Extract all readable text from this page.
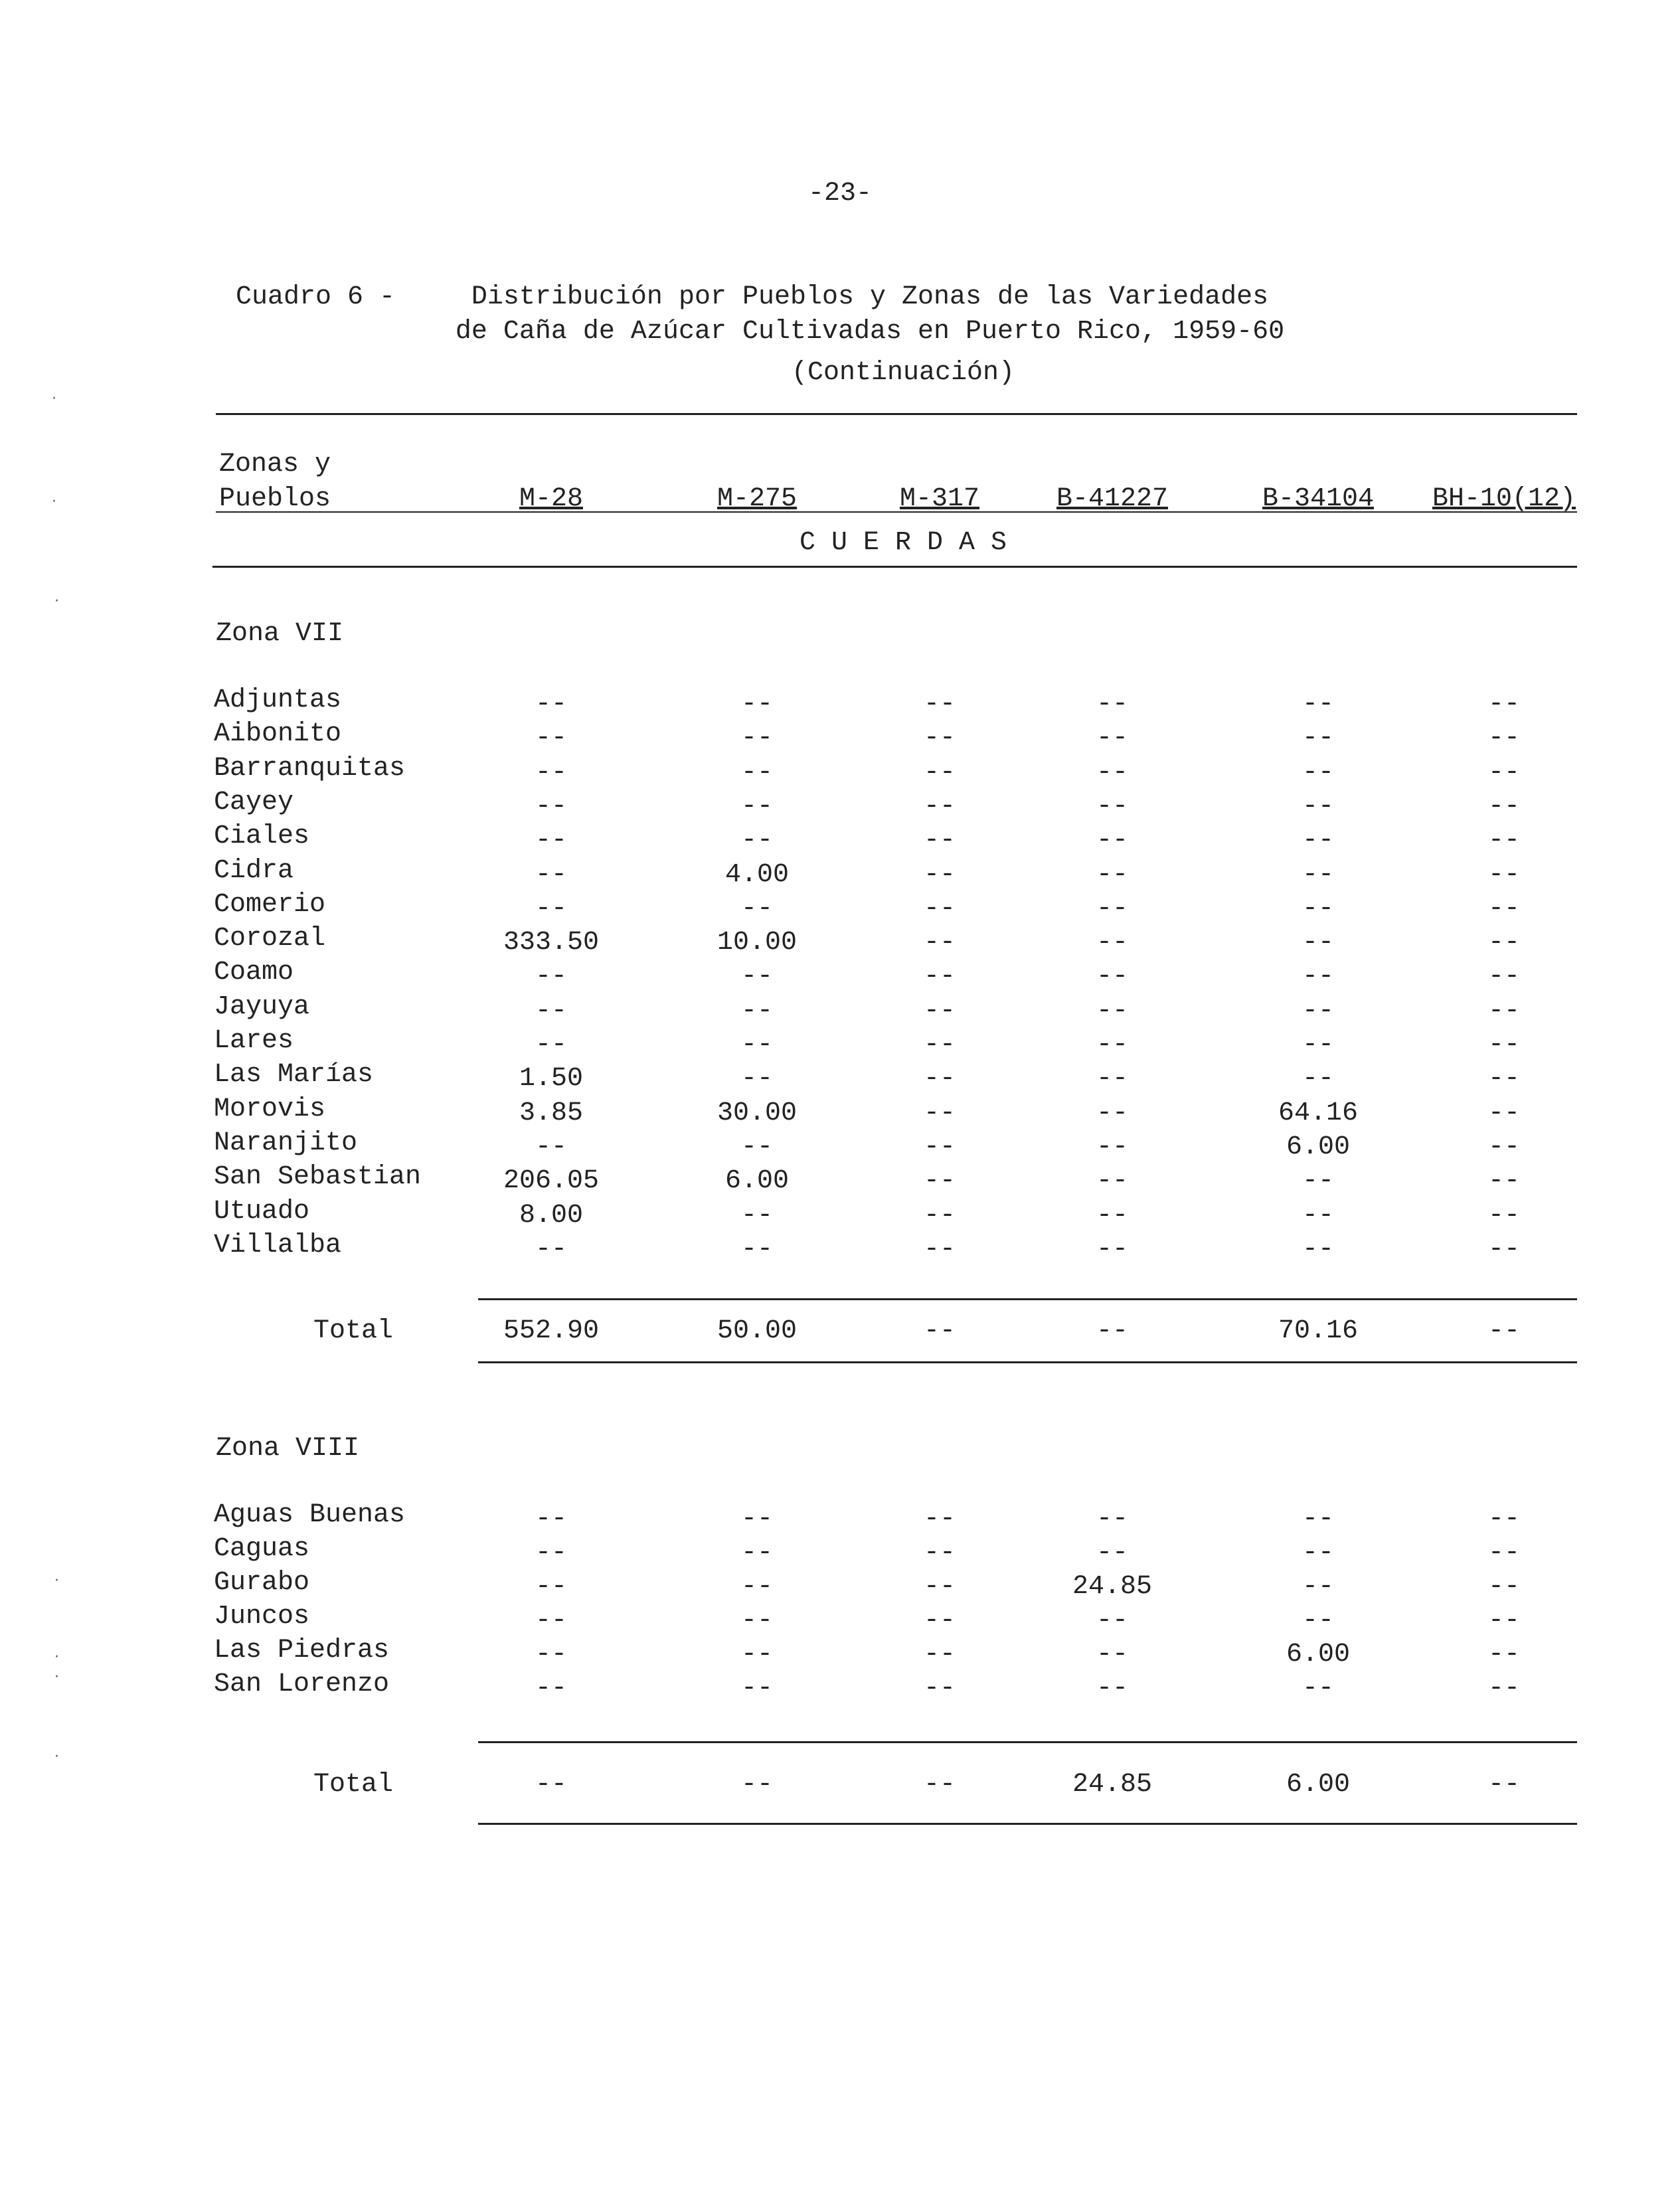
-23-
Cuadro 6 -	Distribución por Pueblos y Zonas de las Variedades
de Caña de Azúcar Cultivadas en Puerto Rico, 1959-60
(Continuación)
Zonas y
Pueblos	M-28	M-275	M-317	B-41227	B-34104	BH-10(12)
C U E R D A S
Zona VII
Adjuntas	--	--	--	--	--	--
Aibonito	--	--	--	--	--	--
Barranquitas	--	--	--	--	--	--
Cayey	--	--	--	--	--	--
Ciales	--	--	--	--	--	--
Cidra	--	4.00	--	--	--	--
Comerio	--	--	--	--	--	--
Corozal	333.50	10.00	--	--	--	--
Coamo	--	--	--	--	--	--
Jayuya	--	--	--	--	--	--
Lares	--	--	--	--	--	--
Las Marías	1.50	--	--	--	--	--
Morovis	3.85	30.00	--	--	64.16	--
Naranjito	--	--	--	--	6.00	--
San Sebastian	206.05	6.00	--	--	--	--
Utuado	8.00	--	--	--	--	--
Villalba	--	--	--	--	--	--
Total	552.90	50.00	--	--	70.16	--
Zona VIII
Aguas Buenas	--	--	--	--	--	--
Caguas	--	--	--	--	--	--
Gurabo	--	--	--	24.85	--	--
Juncos	--	--	--	--	--	--
Las Piedras	--	--	--	--	6.00	--
San Lorenzo	--	--	--	--	--	--
Total	--	--	--	24.85	6.00	--
·
·
·
·
·
·
·
